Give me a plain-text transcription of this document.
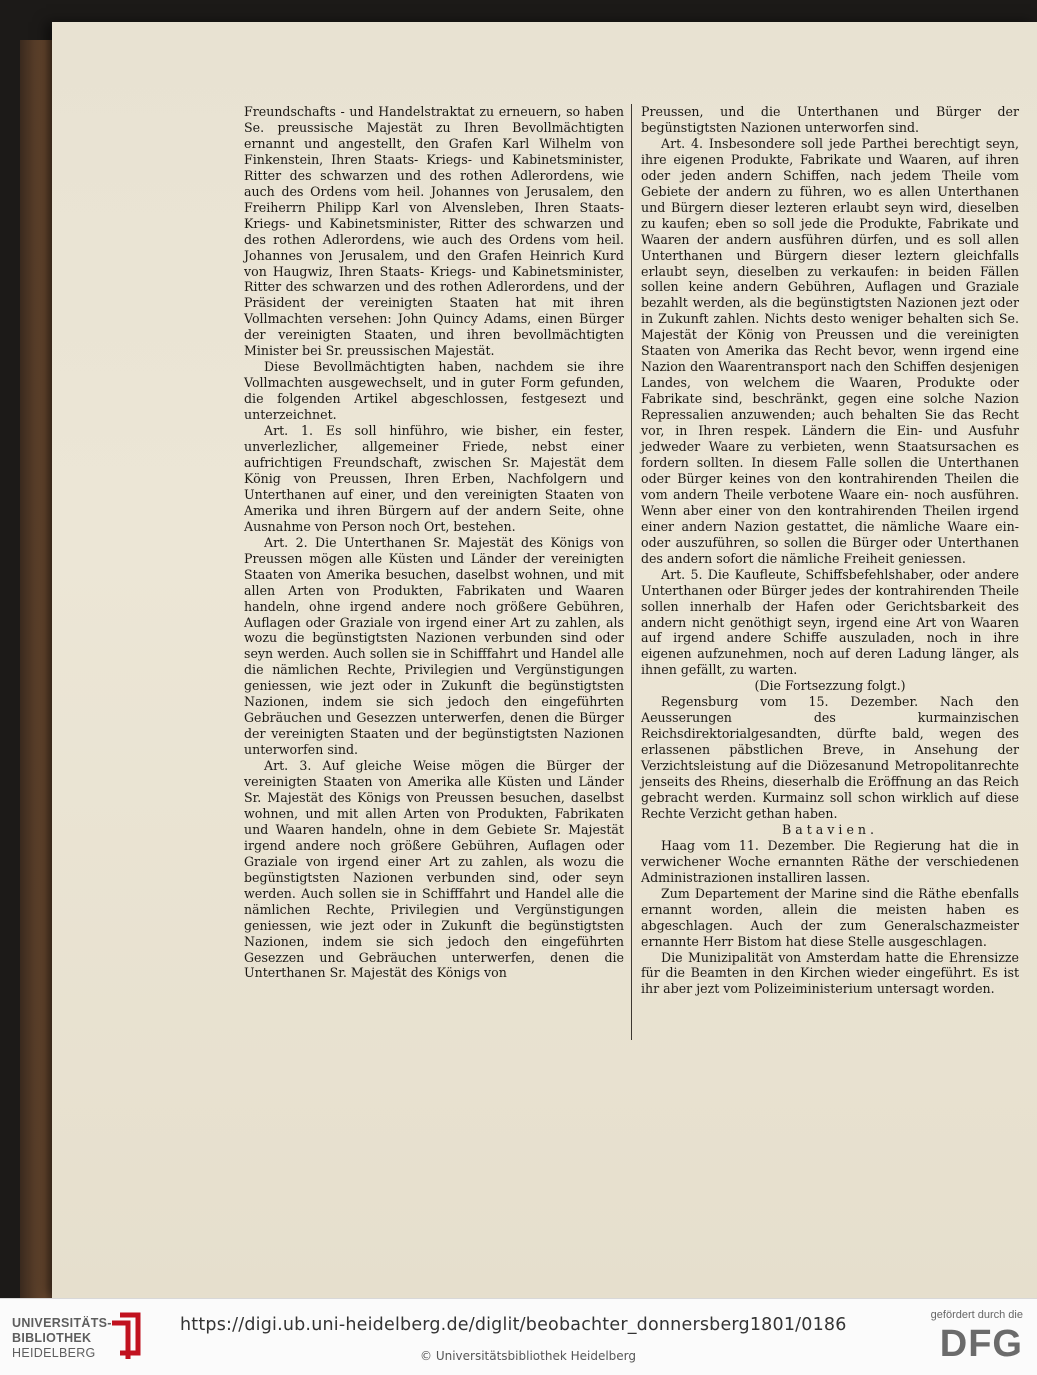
Freundschafts - und Handelstraktat zu erneuern, so haben Se. preussische Majestät zu Ihren Bevollmächtigten ernannt und angestellt, den Grafen Karl Wilhelm von Finkenstein, Ihren Staats- Kriegs- und Kabinetsminister, Ritter des schwarzen und des rothen Adlerordens, wie auch des Ordens vom heil. Johannes von Jerusalem, den Freiherrn Philipp Karl von Alvensleben, Ihren Staats- Kriegs- und Kabinetsminister, Ritter des schwarzen und des rothen Adlerordens, wie auch des Ordens vom heil. Johannes von Jerusalem, und den Grafen Heinrich Kurd von Haugwiz, Ihren Staats- Kriegs- und Kabinetsminister, Ritter des schwarzen und des rothen Adlerordens, und der Präsident der vereinigten Staaten hat mit ihren Vollmachten versehen: John Quincy Adams, einen Bürger der vereinigten Staaten, und ihren bevollmächtigten Minister bei Sr. preussischen Majestät.

Diese Bevollmächtigten haben, nachdem sie ihre Vollmachten ausgewechselt, und in guter Form gefunden, die folgenden Artikel abgeschlossen, festgesezt und unterzeichnet.

Art. 1. Es soll hinführo, wie bisher, ein fester, unverlezlicher, allgemeiner Friede, nebst einer aufrichtigen Freundschaft, zwischen Sr. Majestät dem König von Preussen, Ihren Erben, Nachfolgern und Unterthanen auf einer, und den vereinigten Staaten von Amerika und ihren Bürgern auf der andern Seite, ohne Ausnahme von Person noch Ort, bestehen.

Art. 2. Die Unterthanen Sr. Majestät des Königs von Preussen mögen alle Küsten und Länder der vereinigten Staaten von Amerika besuchen, daselbst wohnen, und mit allen Arten von Produkten, Fabrikaten und Waaren handeln, ohne irgend andere noch größere Gebühren, Auflagen oder Graziale von irgend einer Art zu zahlen, als wozu die begünstigtsten Nazionen verbunden sind oder seyn werden. Auch sollen sie in Schifffahrt und Handel alle die nämlichen Rechte, Privilegien und Vergünstigungen geniessen, wie jezt oder in Zukunft die begünstigtsten Nazionen, indem sie sich jedoch den eingeführten Gebräuchen und Gesezzen unterwerfen, denen die Bürger der vereinigten Staaten und der begünstigtsten Nazionen unterworfen sind.

Art. 3. Auf gleiche Weise mögen die Bürger der vereinigten Staaten von Amerika alle Küsten und Länder Sr. Majestät des Königs von Preussen besuchen, daselbst wohnen, und mit allen Arten von Produkten, Fabrikaten und Waaren handeln, ohne in dem Gebiete Sr. Majestät irgend andere noch größere Gebühren, Auflagen oder Graziale von irgend einer Art zu zahlen, als wozu die begünstigtsten Nazionen verbunden sind, oder seyn werden. Auch sollen sie in Schifffahrt und Handel alle die nämlichen Rechte, Privilegien und Vergünstigungen geniessen, wie jezt oder in Zukunft die begünstigtsten Nazionen, indem sie sich jedoch den eingeführten Gesezzen und Gebräuchen unterwerfen, denen die Unterthanen Sr. Majestät des Königs von

Preussen, und die Unterthanen und Bürger der begünstigtsten Nazionen unterworfen sind.

Art. 4. Insbesondere soll jede Parthei berechtigt seyn, ihre eigenen Produkte, Fabrikate und Waaren, auf ihren oder jeden andern Schiffen, nach jedem Theile vom Gebiete der andern zu führen, wo es allen Unterthanen und Bürgern dieser lezteren erlaubt seyn wird, dieselben zu kaufen; eben so soll jede die Produkte, Fabrikate und Waaren der andern ausführen dürfen, und es soll allen Unterthanen und Bürgern dieser leztern gleichfalls erlaubt seyn, dieselben zu verkaufen: in beiden Fällen sollen keine andern Gebühren, Auflagen und Graziale bezahlt werden, als die begünstigtsten Nazionen jezt oder in Zukunft zahlen. Nichts desto weniger behalten sich Se. Majestät der König von Preussen und die vereinigten Staaten von Amerika das Recht bevor, wenn irgend eine Nazion den Waarentransport nach den Schiffen desjenigen Landes, von welchem die Waaren, Produkte oder Fabrikate sind, beschränkt, gegen eine solche Nazion Repressalien anzuwenden; auch behalten Sie das Recht vor, in Ihren respek. Ländern die Ein- und Ausfuhr jedweder Waare zu verbieten, wenn Staatsursachen es fordern sollten. In diesem Falle sollen die Unterthanen oder Bürger keines von den kontrahirenden Theilen die vom andern Theile verbotene Waare ein- noch ausführen. Wenn aber einer von den kontrahirenden Theilen irgend einer andern Nazion gestattet, die nämliche Waare ein- oder auszuführen, so sollen die Bürger oder Unterthanen des andern sofort die nämliche Freiheit geniessen.

Art. 5. Die Kaufleute, Schiffsbefehlshaber, oder andere Unterthanen oder Bürger jedes der kontrahirenden Theile sollen innerhalb der Hafen oder Gerichtsbarkeit des andern nicht genöthigt seyn, irgend eine Art von Waaren auf irgend andere Schiffe auszuladen, noch in ihre eigenen aufzunehmen, noch auf deren Ladung länger, als ihnen gefällt, zu warten.

(Die Fortsezzung folgt.)

Regensburg vom 15. Dezember. Nach den Aeusserungen des kurmainzischen Reichsdirektorialgesandten, dürfte bald, wegen des erlassenen päbstlichen Breve, in Ansehung der Verzichtsleistung auf die Diözesanund Metropolitanrechte jenseits des Rheins, dieserhalb die Eröffnung an das Reich gebracht werden. Kurmainz soll schon wirklich auf diese Rechte Verzicht gethan haben.

Batavien.

Haag vom 11. Dezember. Die Regierung hat die in verwichener Woche ernannten Räthe der verschiedenen Administrazionen installiren lassen.

Zum Departement der Marine sind die Räthe ebenfalls ernannt worden, allein die meisten haben es abgeschlagen. Auch der zum Generalschazmeister ernannte Herr Bistom hat diese Stelle ausgeschlagen.

Die Munizipalität von Amsterdam hatte die Ehrensizze für die Beamten in den Kirchen wieder eingeführt. Es ist ihr aber jezt vom Polizeiministerium untersagt worden.

UNIVERSITÄTS-
BIBLIOTHEK
HEIDELBERG
https://digi.ub.uni-heidelberg.de/diglit/beobachter_donnersberg1801/0186
© Universitätsbibliothek Heidelberg
gefördert durch die
DFG
